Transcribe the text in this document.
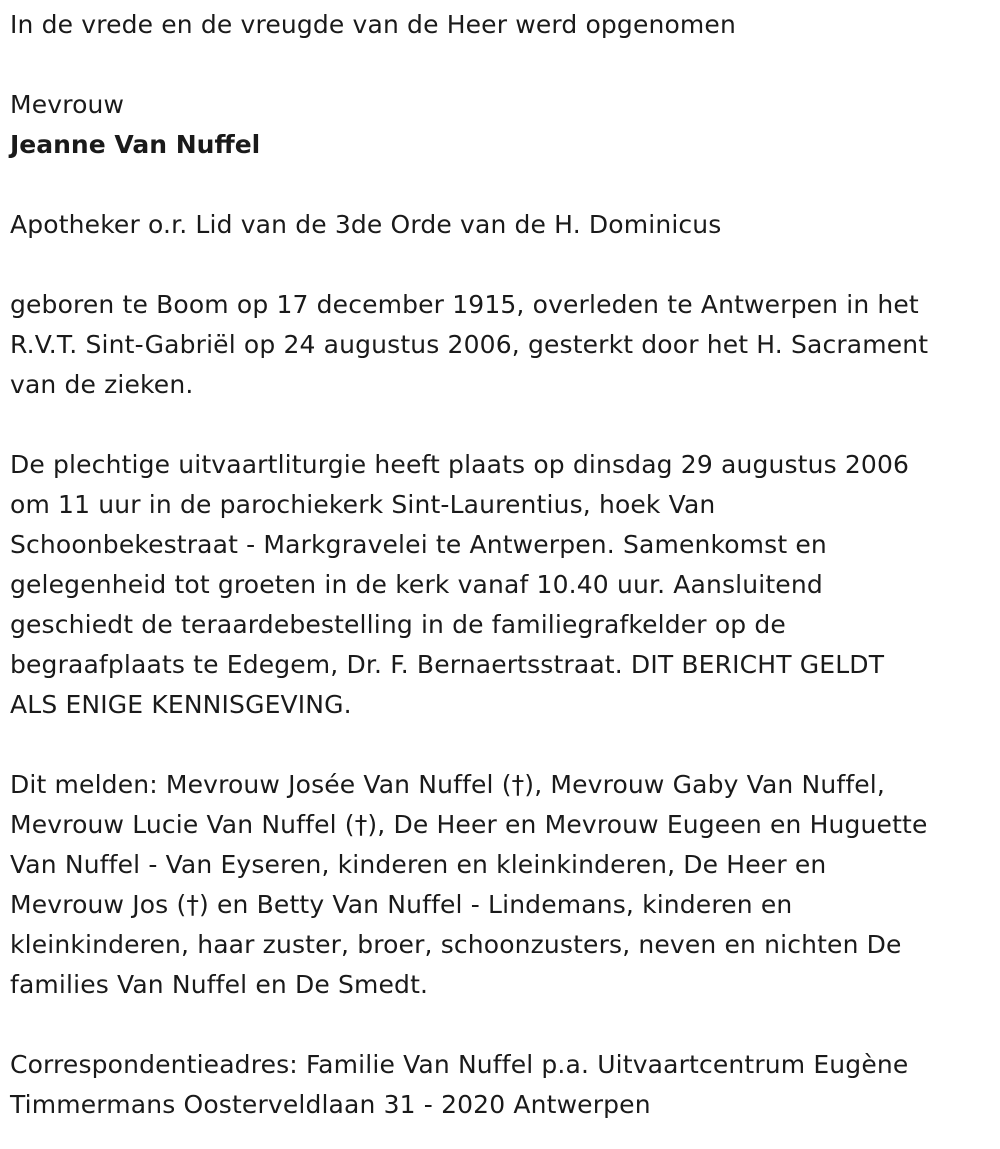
In de vrede en de vreugde van de Heer werd opgenomen

Mevrouw

Jeanne Van Nuffel

Apotheker o.r. Lid van de 3de Orde van de H. Dominicus

geboren te Boom op 17 december 1915, overleden te Antwerpen in het

R.V.T. Sint-Gabriël op 24 augustus 2006, gesterkt door het H. Sacrament

van de zieken.

De plechtige uitvaartliturgie heeft plaats op dinsdag 29 augustus 2006

om 11 uur in de parochiekerk Sint-Laurentius, hoek Van

Schoonbekestraat - Markgravelei te Antwerpen. Samenkomst en

gelegenheid tot groeten in de kerk vanaf 10.40 uur. Aansluitend

geschiedt de teraardebestelling in de familiegrafkelder op de

begraafplaats te Edegem, Dr. F. Bernaertsstraat. DIT BERICHT GELDT

ALS ENIGE KENNISGEVING.

Dit melden: Mevrouw Josée Van Nuffel (†), Mevrouw Gaby Van Nuffel,

Mevrouw Lucie Van Nuffel (†), De Heer en Mevrouw Eugeen en Huguette

Van Nuffel - Van Eyseren, kinderen en kleinkinderen, De Heer en

Mevrouw Jos (†) en Betty Van Nuffel - Lindemans, kinderen en

kleinkinderen, haar zuster, broer, schoonzusters, neven en nichten De

families Van Nuffel en De Smedt.

Correspondentieadres: Familie Van Nuffel p.a. Uitvaartcentrum Eugène

Timmermans Oosterveldlaan 31 - 2020 Antwerpen
